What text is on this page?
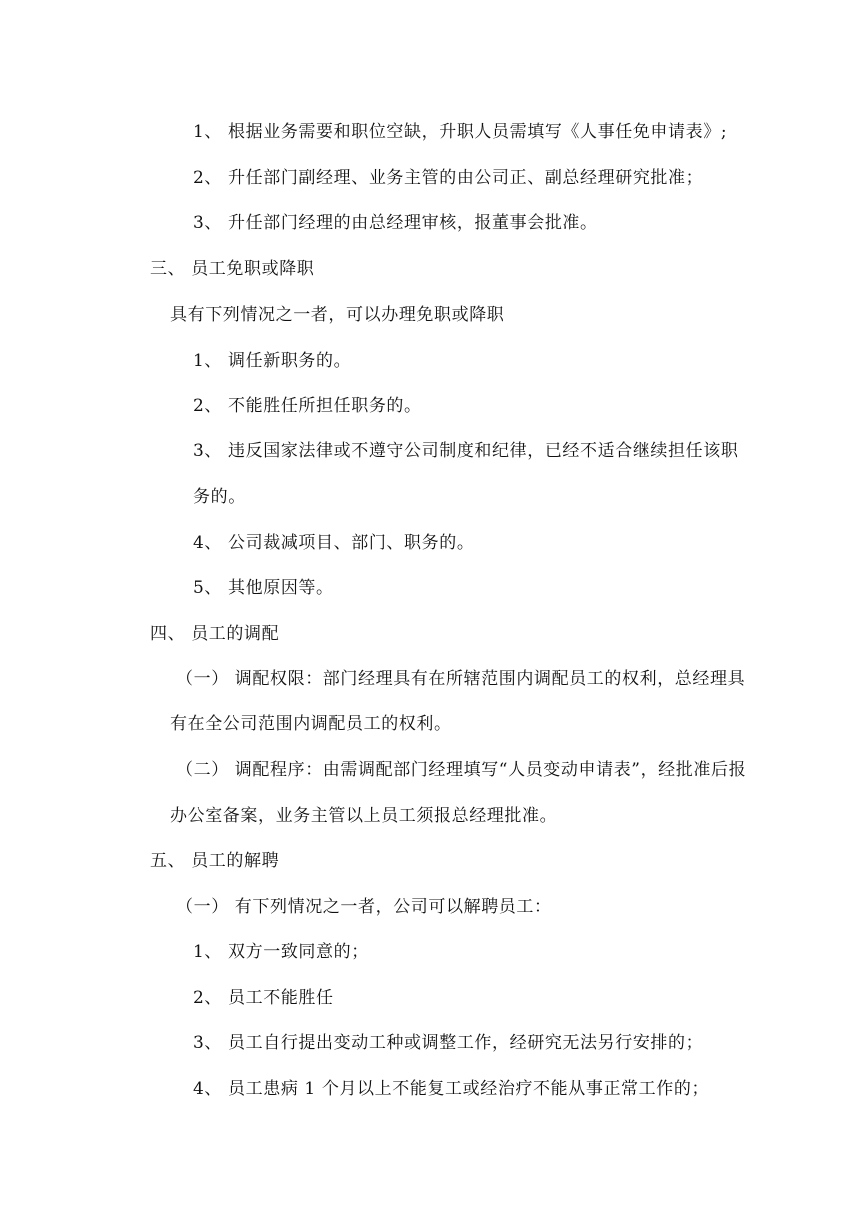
1、 根据业务需要和职位空缺，升职人员需填写《人事任免申请表》;
2、 升任部门副经理、业务主管的由公司正、副总经理研究批准；
3、 升任部门经理的由总经理审核，报董事会批准。
三、 员工免职或降职
具有下列情况之一者，可以办理免职或降职
1、 调任新职务的。
2、 不能胜任所担任职务的。
3、 违反国家法律或不遵守公司制度和纪律，已经不适合继续担任该职
务的。
4、 公司裁减项目、部门、职务的。
5、 其他原因等。
四、 员工的调配
（一） 调配权限：部门经理具有在所辖范围内调配员工的权利，总经理具
有在全公司范围内调配员工的权利。
（二） 调配程序：由需调配部门经理填写“人员变动申请表”，经批准后报
办公室备案，业务主管以上员工须报总经理批准。
五、 员工的解聘
（一） 有下列情况之一者，公司可以解聘员工：
1、 双方一致同意的；
2、 员工不能胜任
3、 员工自行提出变动工种或调整工作，经研究无法另行安排的；
4、 员工患病 1 个月以上不能复工或经治疗不能从事正常工作的；
